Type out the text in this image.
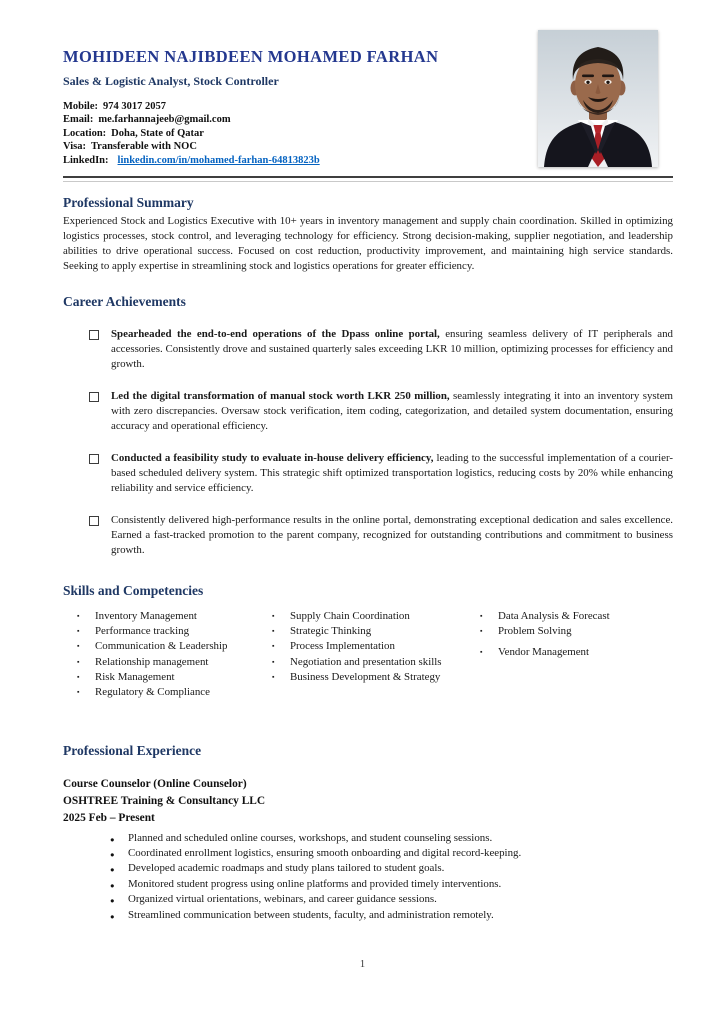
MOHIDEEN NAJIBDEEN MOHAMED FARHAN
Sales & Logistic Analyst, Stock Controller
Mobile: 974 3017 2057
Email: me.farhannajeeb@gmail.com
Location: Doha, State of Qatar
Visa: Transferable with NOC
LinkedIn: linkedin.com/in/mohamed-farhan-64813823b
Professional Summary

Experienced Stock and Logistics Executive with 10+ years in inventory management and supply chain coordination. Skilled in optimizing logistics processes, stock control, and leveraging technology for efficiency. Strong decision-making, supplier negotiation, and leadership abilities to drive operational success. Focused on cost reduction, productivity improvement, and maintaining high service standards. Seeking to apply expertise in streamlining stock and logistics operations for greater efficiency.

Career Achievements

Spearheaded the end-to-end operations of the Dpass online portal, ensuring seamless delivery of IT peripherals and accessories. Consistently drove and sustained quarterly sales exceeding LKR 10 million, optimizing processes for efficiency and growth.

Led the digital transformation of manual stock worth LKR 250 million, seamlessly integrating it into an inventory system with zero discrepancies. Oversaw stock verification, item coding, categorization, and detailed system documentation, ensuring accuracy and operational efficiency.

Conducted a feasibility study to evaluate in-house delivery efficiency, leading to the successful implementation of a courier-based scheduled delivery system. This strategic shift optimized transportation logistics, reducing costs by 20% while enhancing reliability and service efficiency.

Consistently delivered high-performance results in the online portal, demonstrating exceptional dedication and sales excellence. Earned a fast-tracked promotion to the parent company, recognized for outstanding contributions and commitment to business growth.

Skills and Competencies
▪	Inventory Management
▪	Performance tracking
▪	Communication & Leadership
▪	Relationship management
▪	Risk Management
▪	Regulatory & Compliance
▪	Supply Chain Coordination
▪	Strategic Thinking
▪	Process Implementation
▪	Negotiation and presentation skills
▪	Business Development & Strategy
▪	Data Analysis & Forecast
▪	Problem Solving
▪	Vendor Management
Professional Experience
Course Counselor (Online Counselor)
OSHTREE Training & Consultancy LLC
2025 Feb – Present
● Planned and scheduled online courses, workshops, and student counseling sessions.
● Coordinated enrollment logistics, ensuring smooth onboarding and digital record-keeping.
● Developed academic roadmaps and study plans tailored to student goals.
● Monitored student progress using online platforms and provided timely interventions.
● Organized virtual orientations, webinars, and career guidance sessions.
● Streamlined communication between students, faculty, and administration remotely.
1
